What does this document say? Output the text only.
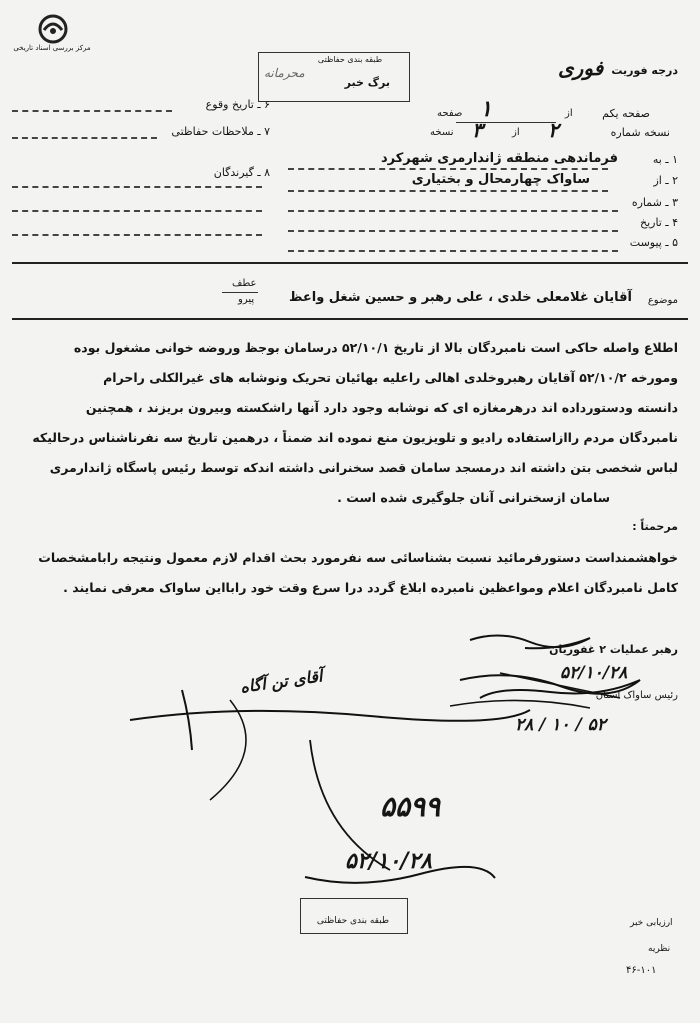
مرکز بررسی اسناد تاریخی
طبقه بندی حفاظتی
برگ خبر
محرمانه	درجه فوریت
فوری
صفحه یکم
از
صفحه ۱
نسخه شماره
از
نسخه	۲
۳
۶ ـ تاریخ وقوع
۷ ـ ملاحظات حفاظتی
۸ ـ گیرندگان
۱ ـ به
فرماندهی منطقه ژاندارمری شهرکرد
۲ ـ از
ساواک چهارمحال و بختیاری
۳ ـ شماره
۴ ـ تاریخ
۵ ـ پیوست
عطف
پیرو	موضوع
آقایان غلامعلی خلدی ، علی رهبر و حسین شغل واعظ
اطلاع واصله حاکی است نامبردگان بالا از تاریخ ۵۲/۱۰/۱ درسامان بوجظ وروضه خوانی مشغول بوده
ومورخه ۵۲/۱۰/۲ آقایان رهبروخلدی اهالی راعلیه بهائیان تحریک ونوشابه های غیرالکلی راحرام
دانسته ودستورداده اند درهرمغازه ای که نوشابه وجود دارد آنها راشکسته وبیرون بریزند ، همچنین
نامبردگان مردم راازاستفاده رادیو و تلویزیون منع نموده اند ضمناً ، درهمین تاریخ سه نفرناشناس درحالیکه
لباس شخصی بتن داشته اند درمسجد سامان قصد سخنرانی داشته اندکه توسط رئیس پاسگاه ژاندارمری
سامان ازسخنرانی آنان جلوگیری شده است .
مرحمتاً :
خواهشمنداست دستورفرمائید نسبت بشناسائی سه نفرمورد بحث اقدام لازم معمول ونتیجه رابامشخصات
کامل نامبردگان اعلام ومواعظین نامبرده ابلاغ گردد درا سرع وقت خود رابااین ساواک معرفی نمایند .
رهبر عملیات ۲ غفوریان
رئیس ساواک استان
۵۲/۱۰/۲۸
۲۸ / ۱۰ / ۵۲
آقای تن آگاه
۵۵۹۹
۵۲/۱۰/۲۸
ارزیابی خبر
نظریه
۴۶-۱۰۱
طبقه بندی حفاظتی
